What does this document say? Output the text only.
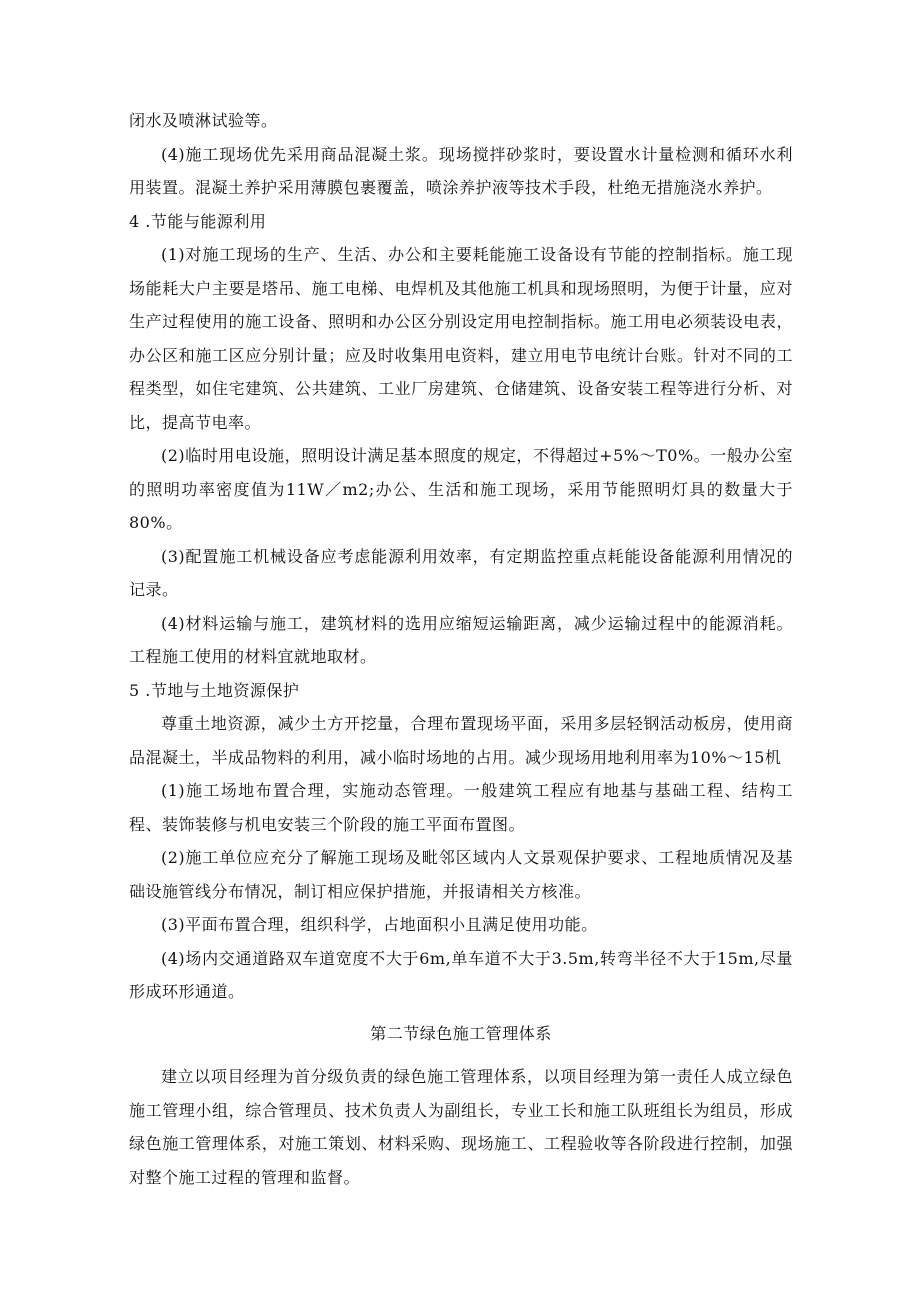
闭水及喷淋试验等。

(4)施工现场优先采用商品混凝土浆。现场搅拌砂浆时，要设置水计量检测和循环水利用装置。混凝土养护采用薄膜包裹覆盖，喷涂养护液等技术手段，杜绝无措施浇水养护。

4 .节能与能源利用

(1)对施工现场的生产、生活、办公和主要耗能施工设备设有节能的控制指标。施工现场能耗大户主要是塔吊、施工电梯、电焊机及其他施工机具和现场照明，为便于计量，应对生产过程使用的施工设备、照明和办公区分别设定用电控制指标。施工用电必须装设电表，办公区和施工区应分别计量；应及时收集用电资料，建立用电节电统计台账。针对不同的工程类型，如住宅建筑、公共建筑、工业厂房建筑、仓储建筑、设备安装工程等进行分析、对比，提高节电率。

(2)临时用电设施，照明设计满足基本照度的规定，不得超过+5%～T0%。一般办公室的照明功率密度值为11W／m2;办公、生活和施工现场，采用节能照明灯具的数量大于80%。

(3)配置施工机械设备应考虑能源利用效率，有定期监控重点耗能设备能源利用情况的记录。

(4)材料运输与施工，建筑材料的选用应缩短运输距离，减少运输过程中的能源消耗。工程施工使用的材料宜就地取材。

5 .节地与土地资源保护

尊重土地资源，减少土方开挖量，合理布置现场平面，采用多层轻钢活动板房，使用商品混凝土，半成品物料的利用，减小临时场地的占用。减少现场用地利用率为10%～15机

(1)施工场地布置合理，实施动态管理。一般建筑工程应有地基与基础工程、结构工程、装饰装修与机电安装三个阶段的施工平面布置图。

(2)施工单位应充分了解施工现场及毗邻区域内人文景观保护要求、工程地质情况及基础设施管线分布情况，制订相应保护措施，并报请相关方核准。

(3)平面布置合理，组织科学，占地面积小且满足使用功能。

(4)场内交通道路双车道宽度不大于6m,单车道不大于3.5m,转弯半径不大于15m,尽量形成环形通道。

第二节绿色施工管理体系

建立以项目经理为首分级负责的绿色施工管理体系，以项目经理为第一责任人成立绿色施工管理小组，综合管理员、技术负责人为副组长，专业工长和施工队班组长为组员，形成绿色施工管理体系，对施工策划、材料采购、现场施工、工程验收等各阶段进行控制，加强对整个施工过程的管理和监督。
